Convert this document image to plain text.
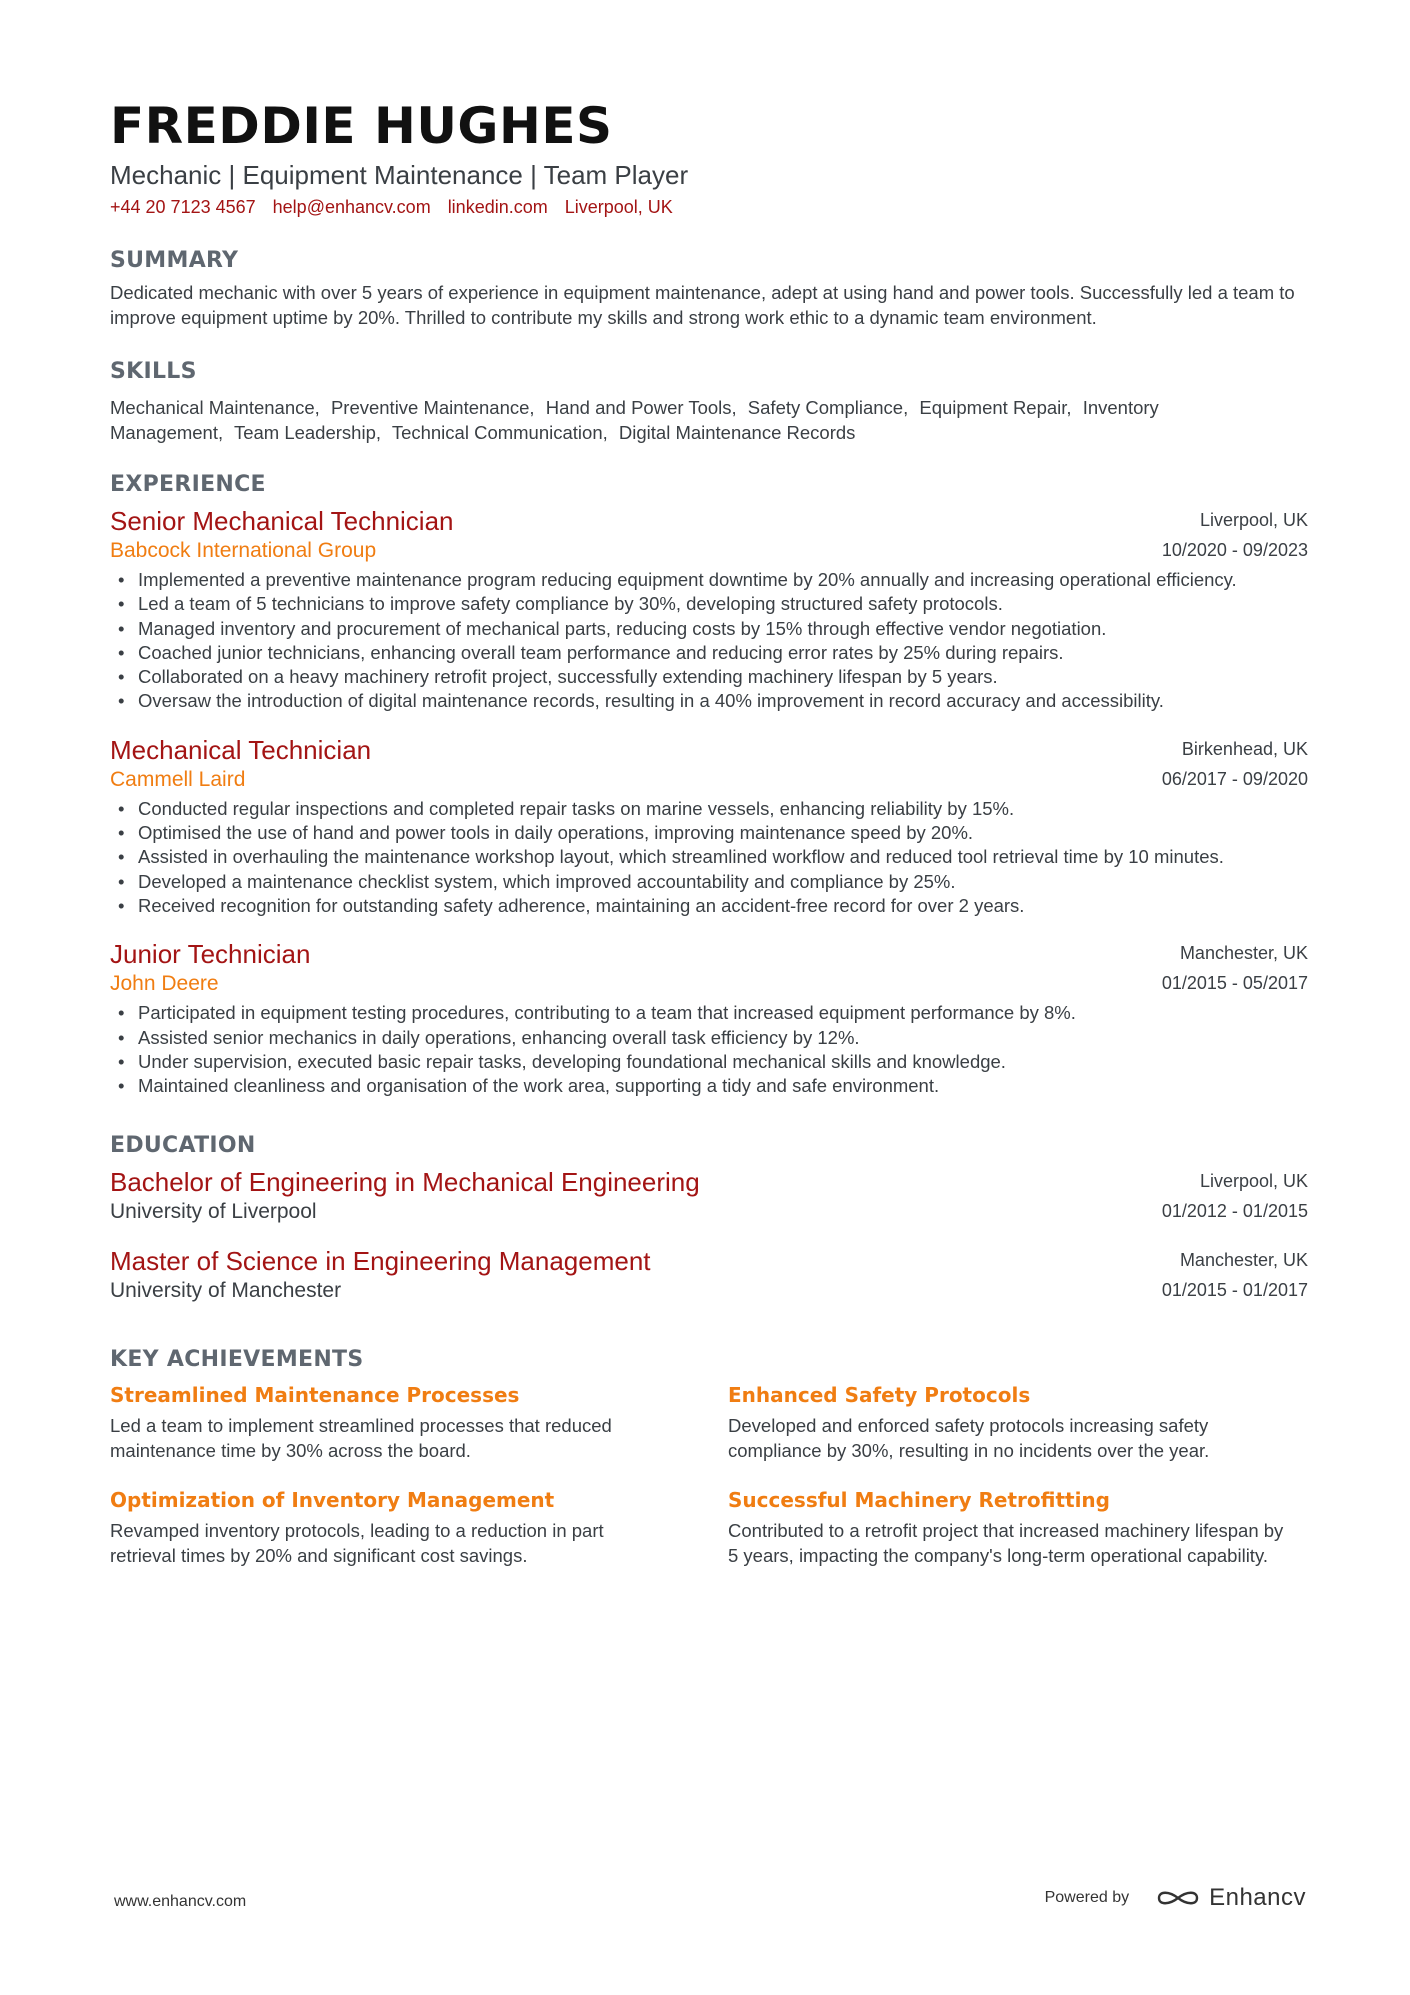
FREDDIE HUGHES
Mechanic | Equipment Maintenance | Team Player
+44 20 7123 4567 help@enhancv.com linkedin.com Liverpool, UK
SUMMARY
Dedicated mechanic with over 5 years of experience in equipment maintenance, adept at using hand and power tools. Successfully led a team to improve equipment uptime by 20%. Thrilled to contribute my skills and strong work ethic to a dynamic team environment.
SKILLS
Mechanical Maintenance, Preventive Maintenance, Hand and Power Tools, Safety Compliance, Equipment Repair, Inventory Management, Team Leadership, Technical Communication, Digital Maintenance Records
EXPERIENCE
Senior Mechanical Technician
Babcock International Group
Liverpool, UK
10/2020 - 09/2023
• Implemented a preventive maintenance program reducing equipment downtime by 20% annually and increasing operational efficiency.
• Led a team of 5 technicians to improve safety compliance by 30%, developing structured safety protocols.
• Managed inventory and procurement of mechanical parts, reducing costs by 15% through effective vendor negotiation.
• Coached junior technicians, enhancing overall team performance and reducing error rates by 25% during repairs.
• Collaborated on a heavy machinery retrofit project, successfully extending machinery lifespan by 5 years.
• Oversaw the introduction of digital maintenance records, resulting in a 40% improvement in record accuracy and accessibility.
Mechanical Technician
Cammell Laird
Birkenhead, UK
06/2017 - 09/2020
• Conducted regular inspections and completed repair tasks on marine vessels, enhancing reliability by 15%.
• Optimised the use of hand and power tools in daily operations, improving maintenance speed by 20%.
• Assisted in overhauling the maintenance workshop layout, which streamlined workflow and reduced tool retrieval time by 10 minutes.
• Developed a maintenance checklist system, which improved accountability and compliance by 25%.
• Received recognition for outstanding safety adherence, maintaining an accident-free record for over 2 years.
Junior Technician
John Deere
Manchester, UK
01/2015 - 05/2017
• Participated in equipment testing procedures, contributing to a team that increased equipment performance by 8%.
• Assisted senior mechanics in daily operations, enhancing overall task efficiency by 12%.
• Under supervision, executed basic repair tasks, developing foundational mechanical skills and knowledge.
• Maintained cleanliness and organisation of the work area, supporting a tidy and safe environment.
EDUCATION
Bachelor of Engineering in Mechanical Engineering
University of Liverpool
Liverpool, UK
01/2012 - 01/2015
Master of Science in Engineering Management
University of Manchester
Manchester, UK
01/2015 - 01/2017
KEY ACHIEVEMENTS
Streamlined Maintenance Processes
Led a team to implement streamlined processes that reduced maintenance time by 30% across the board.
Enhanced Safety Protocols
Developed and enforced safety protocols increasing safety compliance by 30%, resulting in no incidents over the year.
Optimization of Inventory Management
Revamped inventory protocols, leading to a reduction in part retrieval times by 20% and significant cost savings.
Successful Machinery Retrofitting
Contributed to a retrofit project that increased machinery lifespan by 5 years, impacting the company's long-term operational capability.
www.enhancv.com	Powered by	Enhancv
